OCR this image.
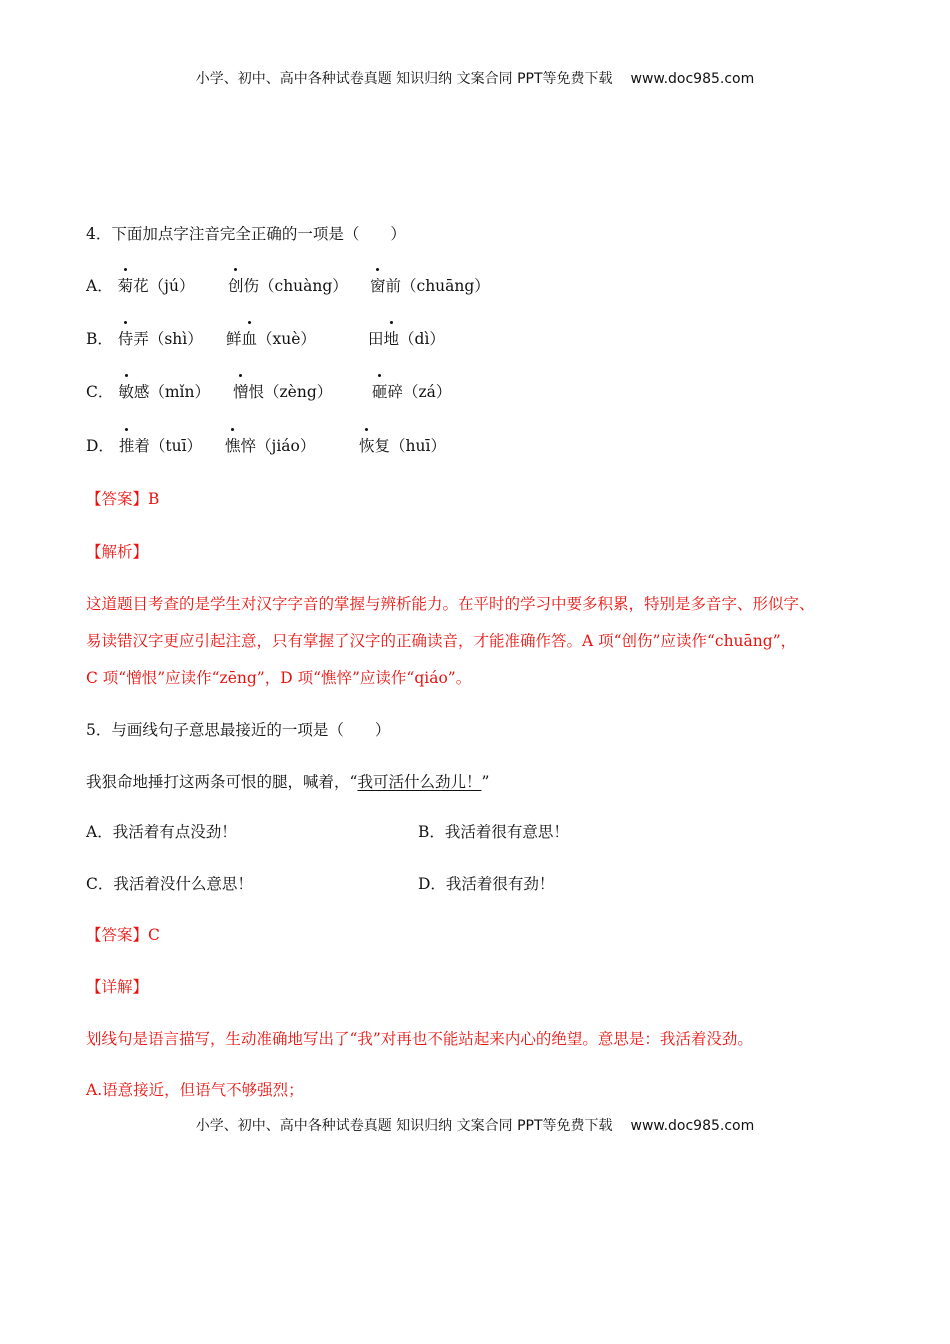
小学、初中、高中各种试卷真题 知识归纳 文案合同 PPT等免费下载 www.doc985.com
4．下面加点字注音完全正确的一项是（　　）
A． 菊花（jú） 创伤（chuàng） 窗前（chuāng）
B． 侍弄（shì） 鲜血（xuè）	田地（dì）
C． 敏感（mǐn） 憎恨（zèng）	砸碎（zá）
D． 推着（tuī） 憔悴（jiáo）	恢复（huī）
【答案】B
【解析】
这道题目考查的是学生对汉字字音的掌握与辨析能力。在平时的学习中要多积累，特别是多音字、形似字、
易读错汉字更应引起注意，只有掌握了汉字的正确读音，才能准确作答。A 项“创伤”应读作“chuāng”，
C 项“憎恨”应读作“zēng”，D 项“憔悴”应读作“qiáo”。
5．与画线句子意思最接近的一项是（　　）
我狠命地捶打这两条可恨的腿，喊着，“我可活什么劲儿！”
A．我活着有点没劲！	B．我活着很有意思！
C．我活着没什么意思！	D．我活着很有劲！
【答案】C
【详解】
划线句是语言描写，生动准确地写出了“我”对再也不能站起来内心的绝望。意思是：我活着没劲。
A.语意接近，但语气不够强烈；
小学、初中、高中各种试卷真题 知识归纳 文案合同 PPT等免费下载 www.doc985.com
